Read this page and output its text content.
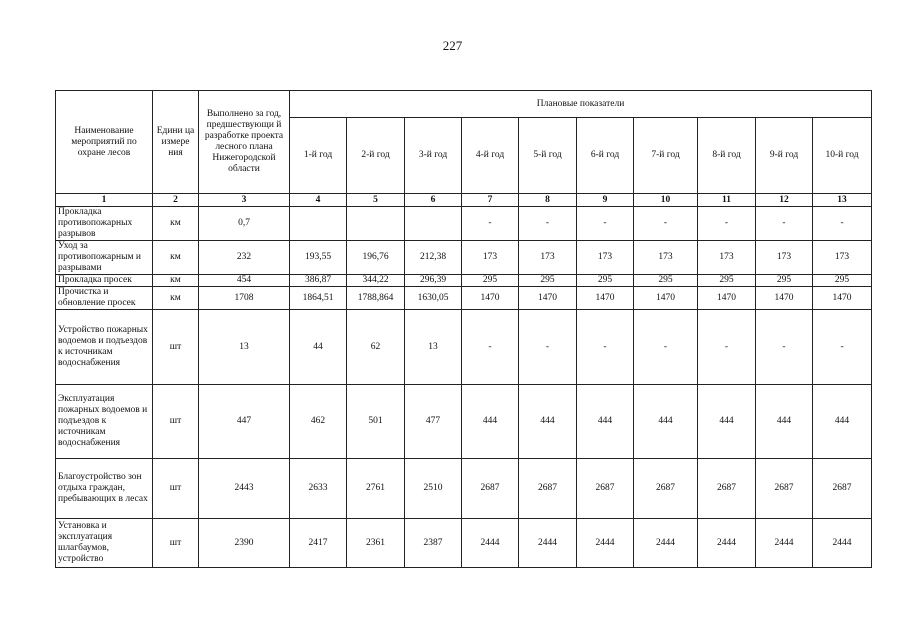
227
Наименование мероприятий по охране лесов	Едини ца измере ния	Выполнено за год, предшествующи й разработке проекта лесного плана Нижегородской области	Плановые показатели									
			1-й год	2-й год	3-й год	4-й год	5-й год	6-й год	7-й год	8-й год	9-й год	10-й год
1	2	3	4	5	6	7	8	9	10	11	12	13
Прокладка противопожарных разрывов	км	0,7				-	-	-	-	-	-	-
Уход за противопожарным и разрывами	км	232	193,55	196,76	212,38	173	173	173	173	173	173	173
Прокладка просек	км	454	386,87	344,22	296,39	295	295	295	295	295	295	295
Прочистка и обновление просек	км	1708	1864,51	1788,864	1630,05	1470	1470	1470	1470	1470	1470	1470
Устройство пожарных водоемов и подъездов к источникам водоснабжения	шт	13	44	62	13	-	-	-	-	-	-	-
Эксплуатация пожарных водоемов и подъездов к источникам водоснабжения	шт	447	462	501	477	444	444	444	444	444	444	444
Благоустройство зон отдыха граждан, пребывающих в лесах	шт	2443	2633	2761	2510	2687	2687	2687	2687	2687	2687	2687
Установка и эксплуатация шлагбаумов, устройство	шт	2390	2417	2361	2387	2444	2444	2444	2444	2444	2444	2444
